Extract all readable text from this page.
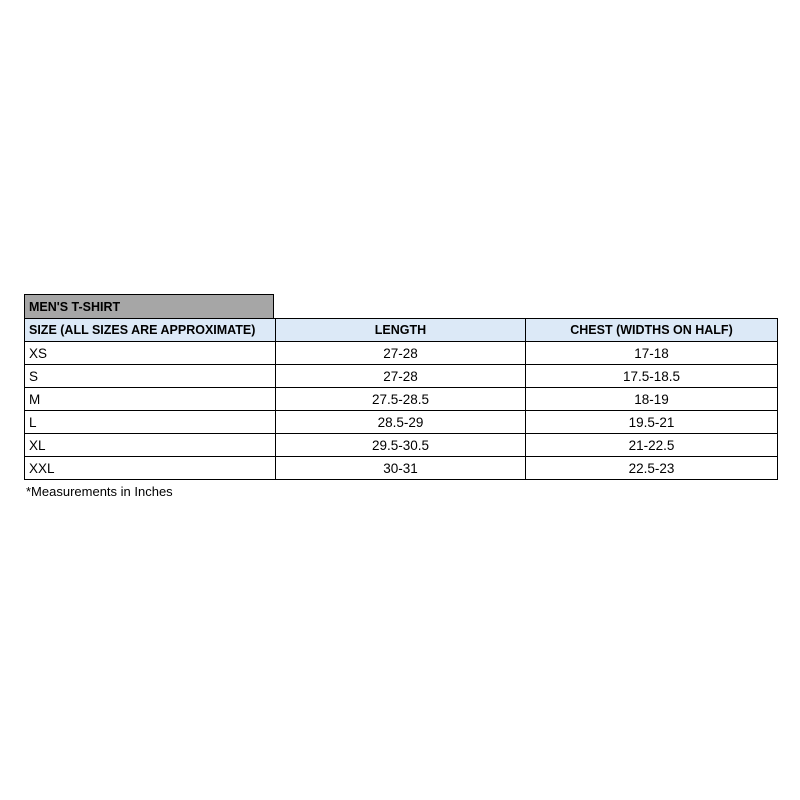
MEN'S T-SHIRT
SIZE (ALL SIZES ARE APPROXIMATE)	LENGTH	CHEST (WIDTHS ON HALF)
XS	27-28	17-18
S	27-28	17.5-18.5
M	27.5-28.5	18-19
L	28.5-29	19.5-21
XL	29.5-30.5	21-22.5
XXL	30-31	22.5-23
*Measurements in Inches
